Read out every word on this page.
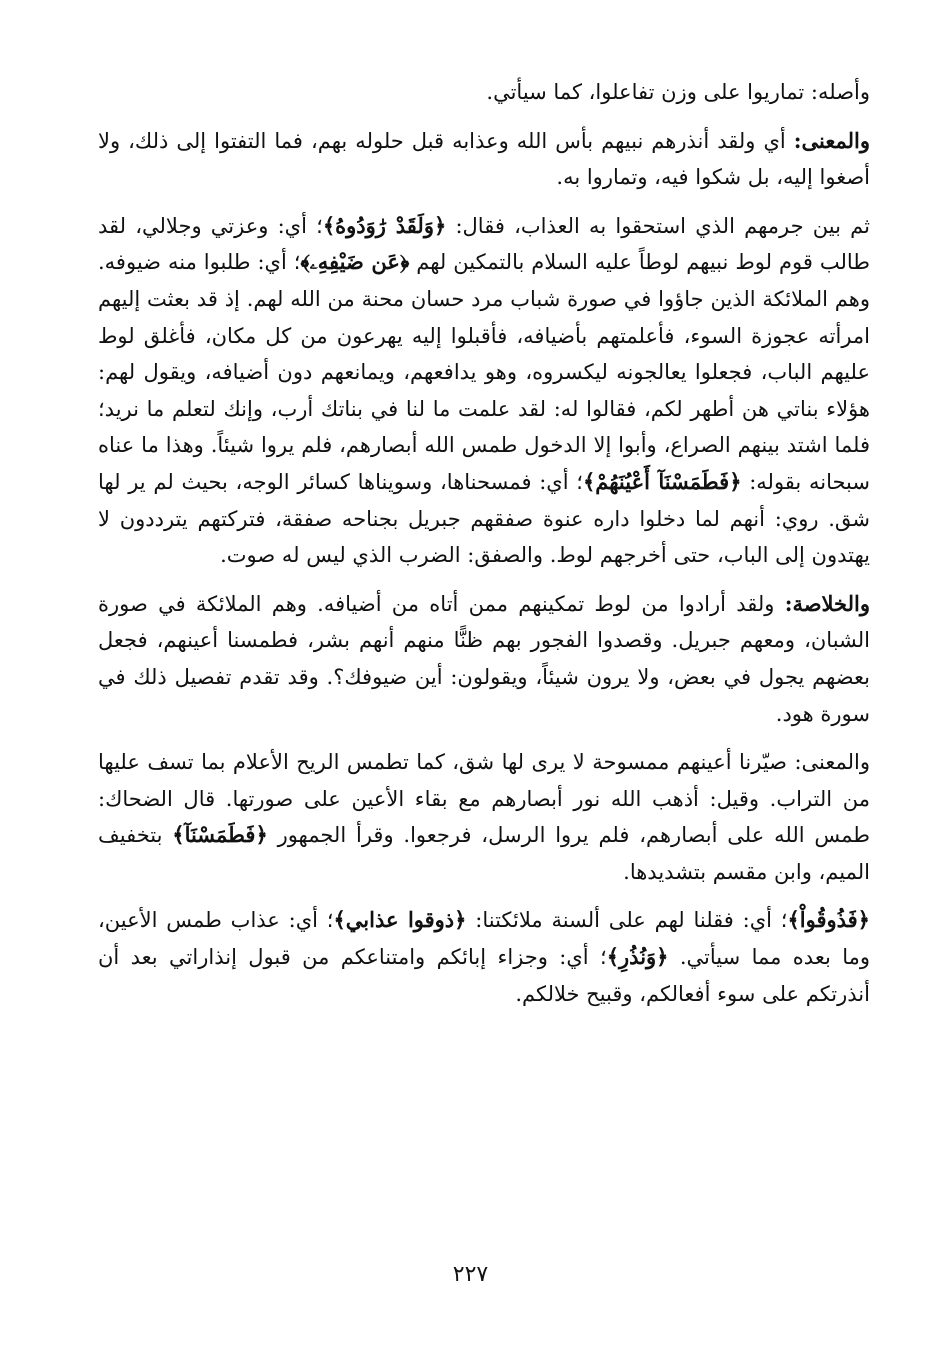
وأصله: تماريوا على وزن تفاعلوا، كما سيأتي.

والمعنى: أي ولقد أنذرهم نبيهم بأس الله وعذابه قبل حلوله بهم، فما التفتوا إلى ذلك، ولا أصغوا إليه، بل شكوا فيه، وتماروا به.

ثم بين جرمهم الذي استحقوا به العذاب، فقال: ﴿وَلَقَدْ رَٰوَدُوهُ﴾؛ أي: وعزتي وجلالي، لقد طالب قوم لوط نبيهم لوطاً عليه السلام بالتمكين لهم ﴿عَن ضَيْفِهِۦ﴾؛ أي: طلبوا منه ضيوفه. وهم الملائكة الذين جاؤوا في صورة شباب مرد حسان محنة من الله لهم. إذ قد بعثت إليهم امرأته عجوزة السوء، فأعلمتهم بأضيافه، فأقبلوا إليه يهرعون من كل مكان، فأغلق لوط عليهم الباب، فجعلوا يعالجونه ليكسروه، وهو يدافعهم، ويمانعهم دون أضيافه، ويقول لهم: هؤلاء بناتي هن أطهر لكم، فقالوا له: لقد علمت ما لنا في بناتك أرب، وإنك لتعلم ما نريد؛ فلما اشتد بينهم الصراع، وأبوا إلا الدخول طمس الله أبصارهم، فلم يروا شيئاً. وهذا ما عناه سبحانه بقوله: ﴿فَطَمَسْنَآ أَعْيُنَهُمْ﴾؛ أي: فمسحناها، وسويناها كسائر الوجه، بحيث لم ير لها شق. روي: أنهم لما دخلوا داره عنوة صفقهم جبريل بجناحه صفقة، فتركتهم يترددون لا يهتدون إلى الباب، حتى أخرجهم لوط. والصفق: الضرب الذي ليس له صوت.

والخلاصة: ولقد أرادوا من لوط تمكينهم ممن أتاه من أضيافه. وهم الملائكة في صورة الشبان، ومعهم جبريل. وقصدوا الفجور بهم ظنًّا منهم أنهم بشر، فطمسنا أعينهم، فجعل بعضهم يجول في بعض، ولا يرون شيئاً، ويقولون: أين ضيوفك؟. وقد تقدم تفصيل ذلك في سورة هود.

والمعنى: صيّرنا أعينهم ممسوحة لا يرى لها شق، كما تطمس الريح الأعلام بما تسف عليها من التراب. وقيل: أذهب الله نور أبصارهم مع بقاء الأعين على صورتها. قال الضحاك: طمس الله على أبصارهم، فلم يروا الرسل، فرجعوا. وقرأ الجمهور ﴿فَطَمَسْنَآ﴾ بتخفيف الميم، وابن مقسم بتشديدها.

﴿فَذُوقُواْ﴾؛ أي: فقلنا لهم على ألسنة ملائكتنا: ﴿ذوقوا عذابي﴾؛ أي: عذاب طمس الأعين، وما بعده مما سيأتي. ﴿وَنُذُرِ﴾؛ أي: وجزاء إبائكم وامتناعكم من قبول إنذاراتي بعد أن أنذرتكم على سوء أفعالكم، وقبيح خلالكم.

٢٢٧
